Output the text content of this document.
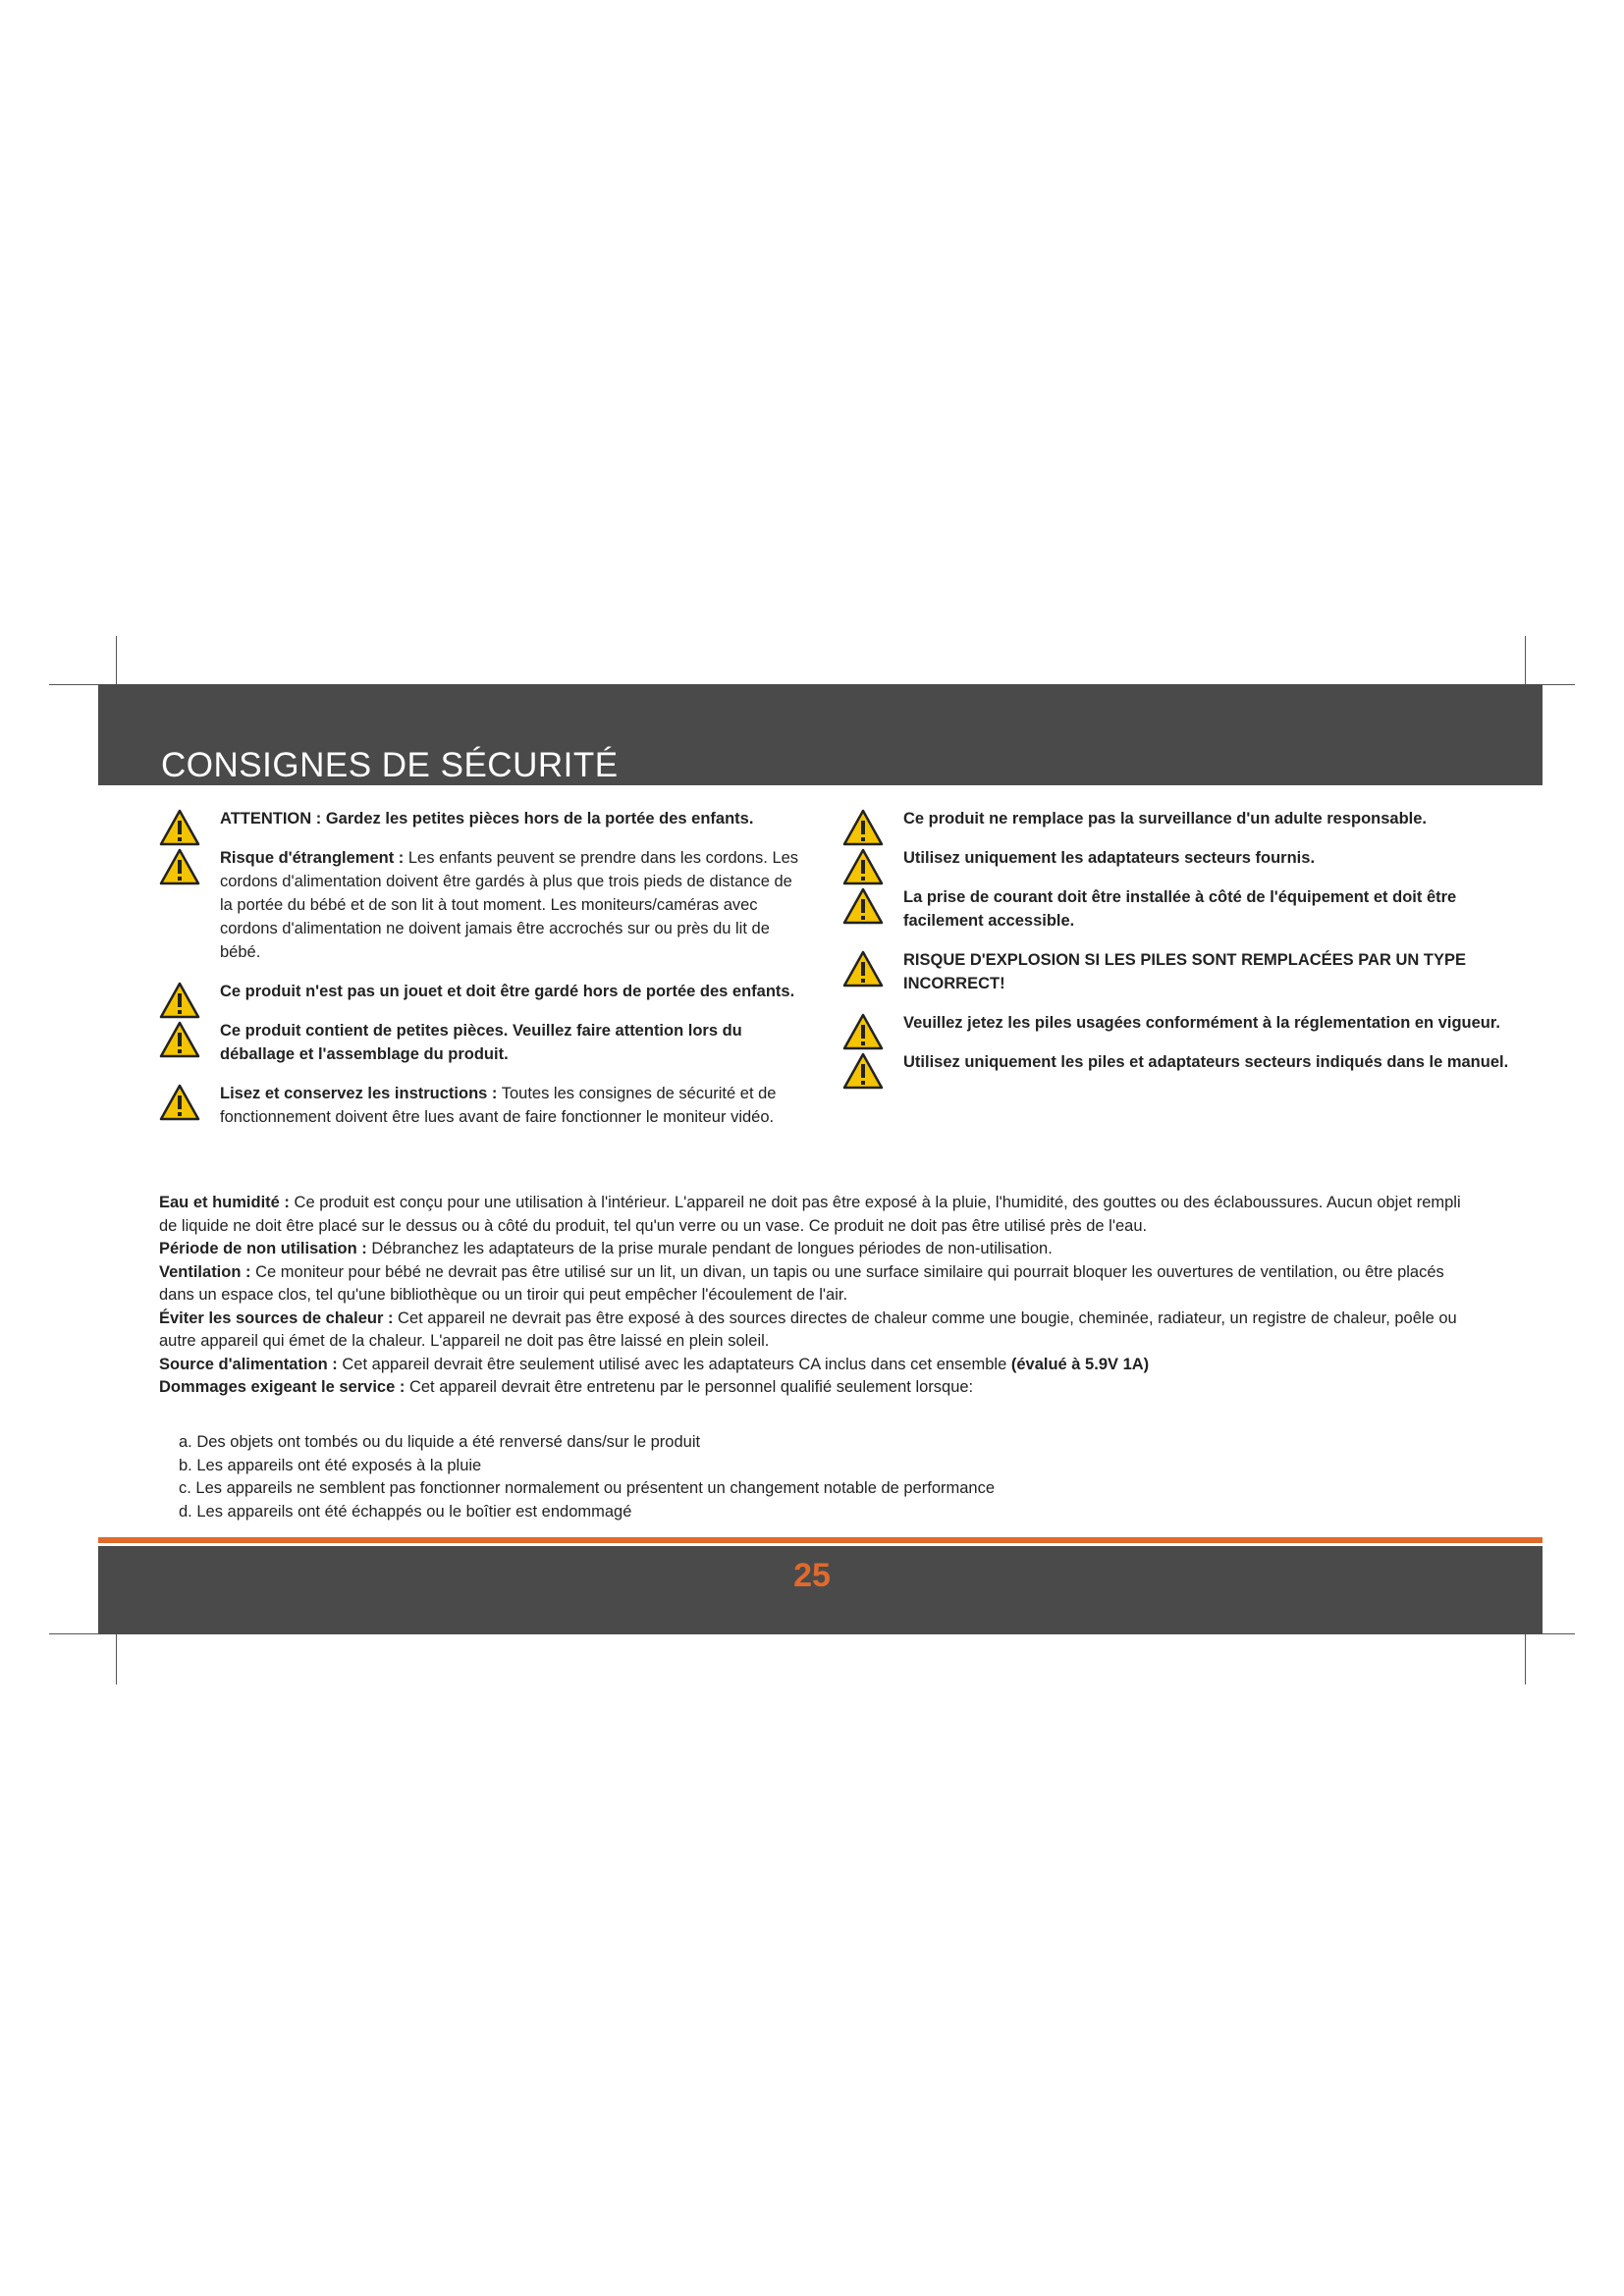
CONSIGNES DE SÉCURITÉ
ATTENTION : Gardez les petites pièces hors de la portée des enfants.
Risque d'étranglement : Les enfants peuvent se prendre dans les cordons. Les cordons d'alimentation doivent être gardés à plus que trois pieds de distance de la portée du bébé et de son lit à tout moment. Les moniteurs/caméras avec cordons d'alimentation ne doivent jamais être accrochés sur ou près du lit de bébé.
Ce produit n'est pas un jouet et doit être gardé hors de portée des enfants.
Ce produit contient de petites pièces. Veuillez faire attention lors du déballage et l'assemblage du produit.
Lisez et conservez les instructions : Toutes les consignes de sécurité et de fonctionnement doivent être lues avant de faire fonctionner le moniteur vidéo.
Ce produit ne remplace pas la surveillance d'un adulte responsable.
Utilisez uniquement les adaptateurs secteurs fournis.
La prise de courant doit être installée à côté de l'équipement et doit être facilement accessible.
RISQUE D'EXPLOSION SI LES PILES SONT REMPLACÉES PAR UN TYPE INCORRECT!
Veuillez jetez les piles usagées conformément à la réglementation en vigueur.
Utilisez uniquement les piles et adaptateurs secteurs indiqués dans le manuel.

Eau et humidité : Ce produit est conçu pour une utilisation à l'intérieur. L'appareil ne doit pas être exposé à la pluie, l'humidité, des gouttes ou des éclaboussures. Aucun objet rempli de liquide ne doit être placé sur le dessus ou à côté du produit, tel qu'un verre ou un vase. Ce produit ne doit pas être utilisé près de l'eau.

Période de non utilisation : Débranchez les adaptateurs de la prise murale pendant de longues périodes de non-utilisation.

Ventilation : Ce moniteur pour bébé ne devrait pas être utilisé sur un lit, un divan, un tapis ou une surface similaire qui pourrait bloquer les ouvertures de ventilation, ou être placés dans un espace clos, tel qu'une bibliothèque ou un tiroir qui peut empêcher l'écoulement de l'air.

Éviter les sources de chaleur : Cet appareil ne devrait pas être exposé à des sources directes de chaleur comme une bougie, cheminée, radiateur, un registre de chaleur, poêle ou autre appareil qui émet de la chaleur. L'appareil ne doit pas être laissé en plein soleil.

Source d'alimentation : Cet appareil devrait être seulement utilisé avec les adaptateurs CA inclus dans cet ensemble (évalué à 5.9V 1A)

Dommages exigeant le service : Cet appareil devrait être entretenu par le personnel qualifié seulement lorsque:

a. Des objets ont tombés ou du liquide a été renversé dans/sur le produit
b. Les appareils ont été exposés à la pluie
c. Les appareils ne semblent pas fonctionner normalement ou présentent un changement notable de performance
d. Les appareils ont été échappés ou le boîtier est endommagé
25
